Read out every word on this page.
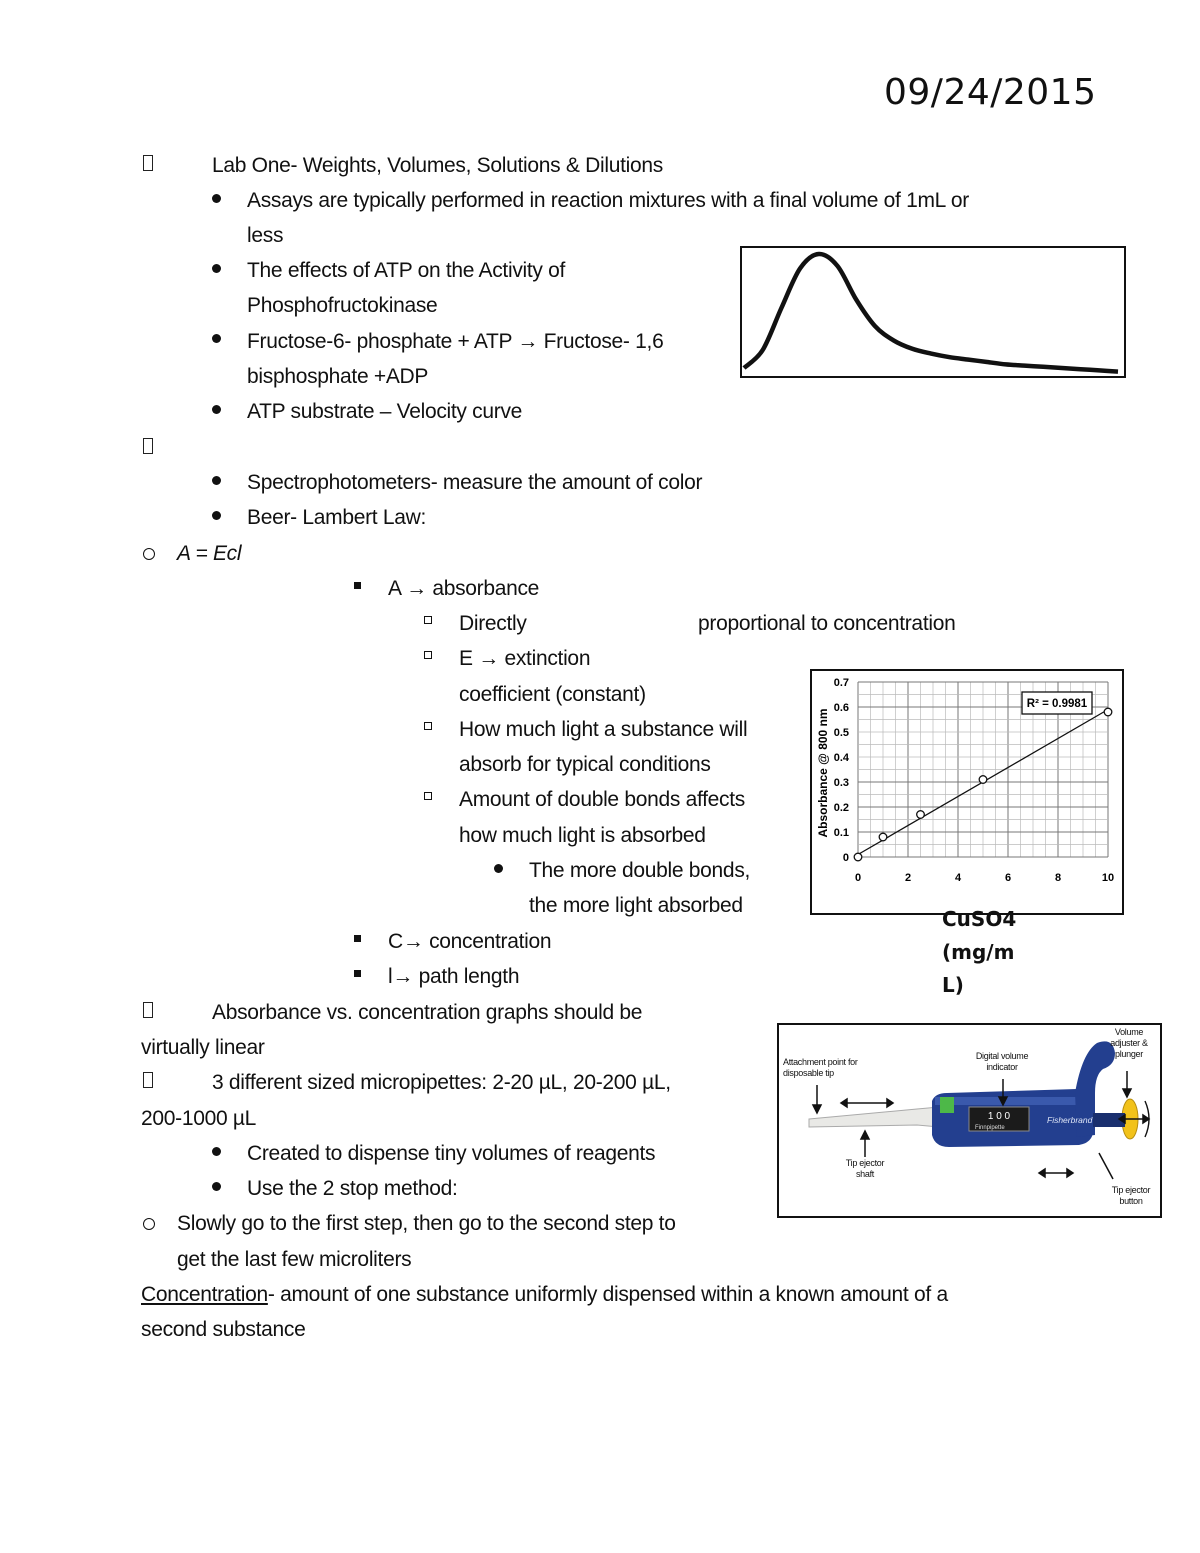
09/24/2015
Lab One- Weights, Volumes, Solutions & Dilutions
Assays are typically performed in reaction mixtures with a final volume of 1mL or
less
The effects of ATP on the Activity of
Phosphofructokinase
Fructose-6- phosphate + ATP → Fructose- 1,6
bisphosphate +ADP
ATP substrate – Velocity curve
Spectrophotometers- measure the amount of color
Beer- Lambert Law:
A = Ecl
A → absorbance
Directly	proportional to concentration
E → extinction
coefficient (constant)
How much light a substance will
absorb for typical conditions
Amount of double bonds affects
how much light is absorbed
The more double bonds,
the more light absorbed
C→ concentration
l→ path length
0	2	4	6	8	10
0
0.1
0.2
0.3
0.4
0.5
0.6
0.7
Absorbance @ 800 nm
R² = 0.9981
CuSO4 (mg/mL)
Absorbance vs. concentration graphs should be
virtually linear
3 different sized micropipettes: 2-20 µL, 20-200 µL,
200-1000 µL
Created to dispense tiny volumes of reagents
Use the 2 stop method:
Slowly go to the first step, then go to the second step to
get the last few microliters
Concentration- amount of one substance uniformly dispensed within a known amount of a
second substance
1 0 0
Finnpipette
Fisherbrand
Attachment point for disposable tip
Digital volume indicator
Volume adjuster & plunger
Tip ejector shaft
Tip ejector button
